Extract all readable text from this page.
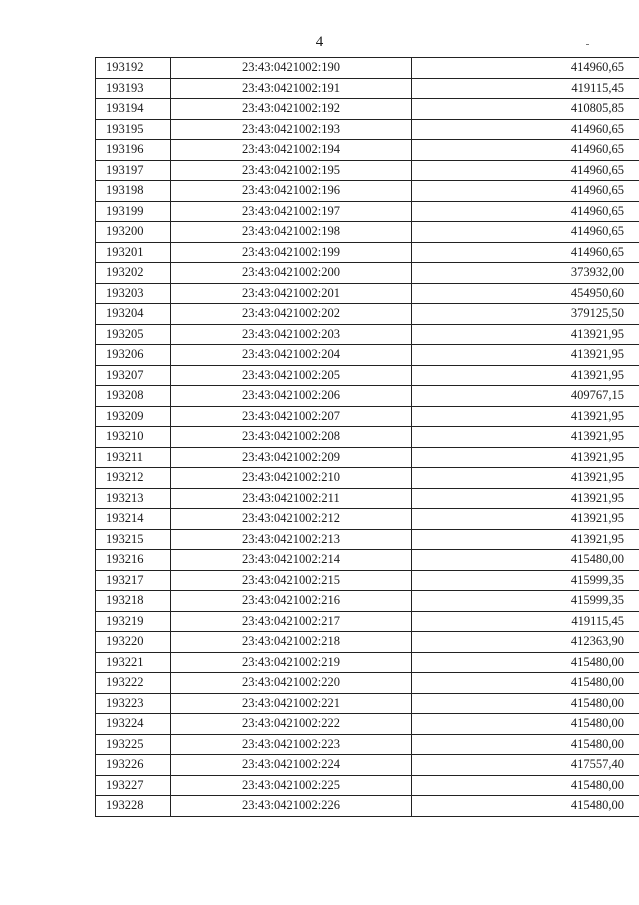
4
193192	23:43:0421002:190	414960,65
193193	23:43:0421002:191	419115,45
193194	23:43:0421002:192	410805,85
193195	23:43:0421002:193	414960,65
193196	23:43:0421002:194	414960,65
193197	23:43:0421002:195	414960,65
193198	23:43:0421002:196	414960,65
193199	23:43:0421002:197	414960,65
193200	23:43:0421002:198	414960,65
193201	23:43:0421002:199	414960,65
193202	23:43:0421002:200	373932,00
193203	23:43:0421002:201	454950,60
193204	23:43:0421002:202	379125,50
193205	23:43:0421002:203	413921,95
193206	23:43:0421002:204	413921,95
193207	23:43:0421002:205	413921,95
193208	23:43:0421002:206	409767,15
193209	23:43:0421002:207	413921,95
193210	23:43:0421002:208	413921,95
193211	23:43:0421002:209	413921,95
193212	23:43:0421002:210	413921,95
193213	23:43:0421002:211	413921,95
193214	23:43:0421002:212	413921,95
193215	23:43:0421002:213	413921,95
193216	23:43:0421002:214	415480,00
193217	23:43:0421002:215	415999,35
193218	23:43:0421002:216	415999,35
193219	23:43:0421002:217	419115,45
193220	23:43:0421002:218	412363,90
193221	23:43:0421002:219	415480,00
193222	23:43:0421002:220	415480,00
193223	23:43:0421002:221	415480,00
193224	23:43:0421002:222	415480,00
193225	23:43:0421002:223	415480,00
193226	23:43:0421002:224	417557,40
193227	23:43:0421002:225	415480,00
193228	23:43:0421002:226	415480,00
